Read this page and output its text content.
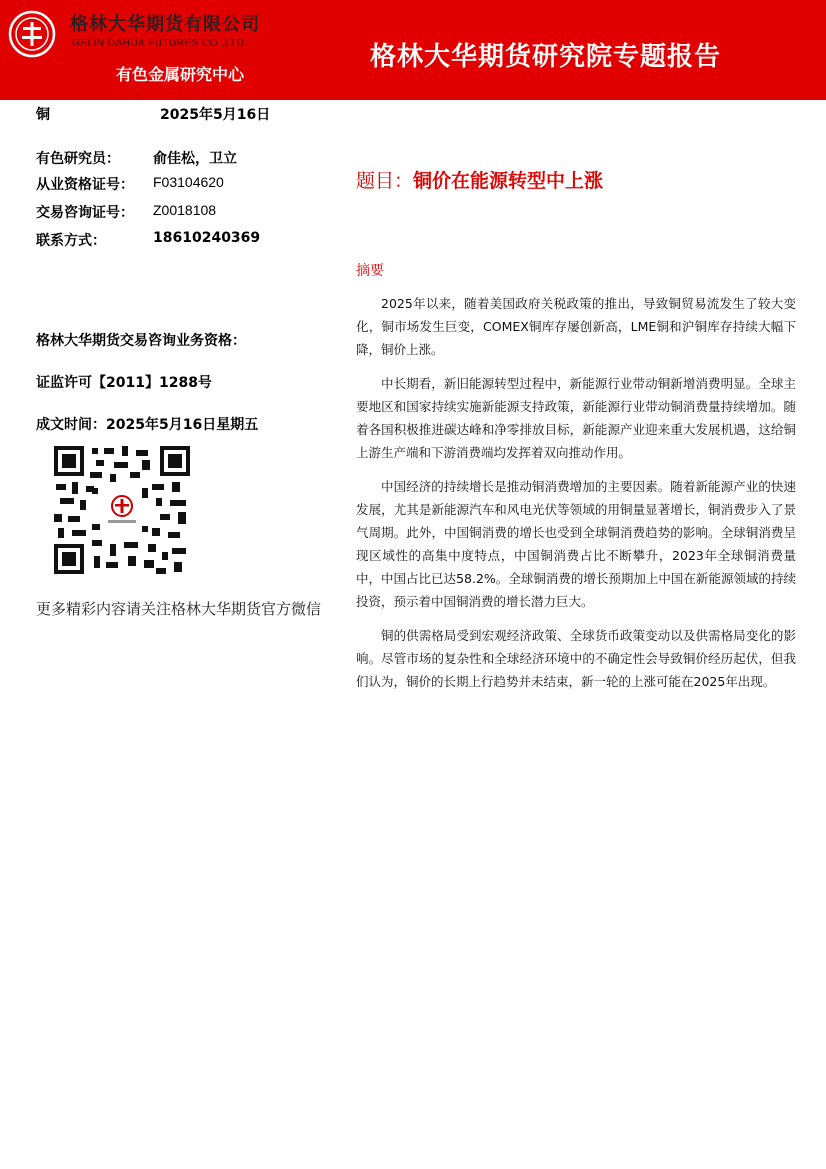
格林大华期货有限公司
GELIN DAHUA FUTURES CO.,LTD
有色金属研究中心
格林大华期货研究院专题报告
铜	2025年5月16日
有色研究员： 俞佳松，卫立
从业资格证号： F03104620
交易咨询证号： Z0018108
联系方式：	18610240369
格林大华期货交易咨询业务资格：
证监许可【2011】1288号
成文时间：2025年5月16日星期五
更多精彩内容请关注格林大华期货官方微信
题目：铜价在能源转型中上涨
摘要

2025年以来，随着美国政府关税政策的推出，导致铜贸易流发生了较大变化，铜市场发生巨变，COMEX铜库存屡创新高，LME铜和沪铜库存持续大幅下降，铜价上涨。

中长期看，新旧能源转型过程中，新能源行业带动铜新增消费明显。全球主要地区和国家持续实施新能源支持政策，新能源行业带动铜消费量持续增加。随着各国积极推进碳达峰和净零排放目标，新能源产业迎来重大发展机遇，这给铜上游生产端和下游消费端均发挥着双向推动作用。

中国经济的持续增长是推动铜消费增加的主要因素。随着新能源产业的快速发展，尤其是新能源汽车和风电光伏等领域的用铜量显著增长，铜消费步入了景气周期。此外，中国铜消费的增长也受到全球铜消费趋势的影响。全球铜消费呈现区域性的高集中度特点，中国铜消费占比不断攀升，2023年全球铜消费量中，中国占比已达58.2%。全球铜消费的增长预期加上中国在新能源领域的持续投资，预示着中国铜消费的增长潜力巨大。

铜的供需格局受到宏观经济政策、全球货币政策变动以及供需格局变化的影响。尽管市场的复杂性和全球经济环境中的不确定性会导致铜价经历起伏，但我们认为，铜价的长期上行趋势并未结束，新一轮的上涨可能在2025年出现。
